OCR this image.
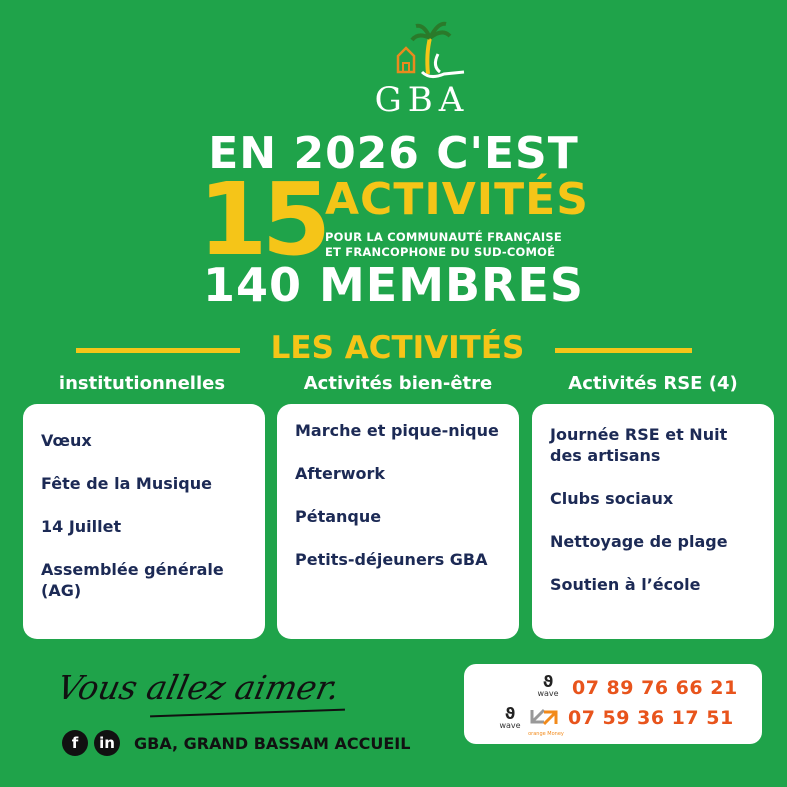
GBA
EN 2026 C'EST
15 ACTIVITÉS
POUR LA COMMUNAUTÉ FRANÇAISE
ET FRANCOPHONE DU SUD-COMOÉ
140 MEMBRES
LES ACTIVITÉS
institutionnelles	Activités bien-être	Activités RSE (4)
Vœux
Fête de la Musique
14 Juillet
Assemblée générale (AG)
Marche et pique-nique
Afterwork
Pétanque
Petits-déjeuners GBA
Journée RSE et Nuit des artisans
Clubs sociaux
Nettoyage de plage
Soutien à l’école
Vous allez aimer.
f	in	GBA, GRAND BASSAM ACCUEIL
ϑ
wave 07 89 76 66 21
ϑ
wave
orange Money
07 59 36 17 51
